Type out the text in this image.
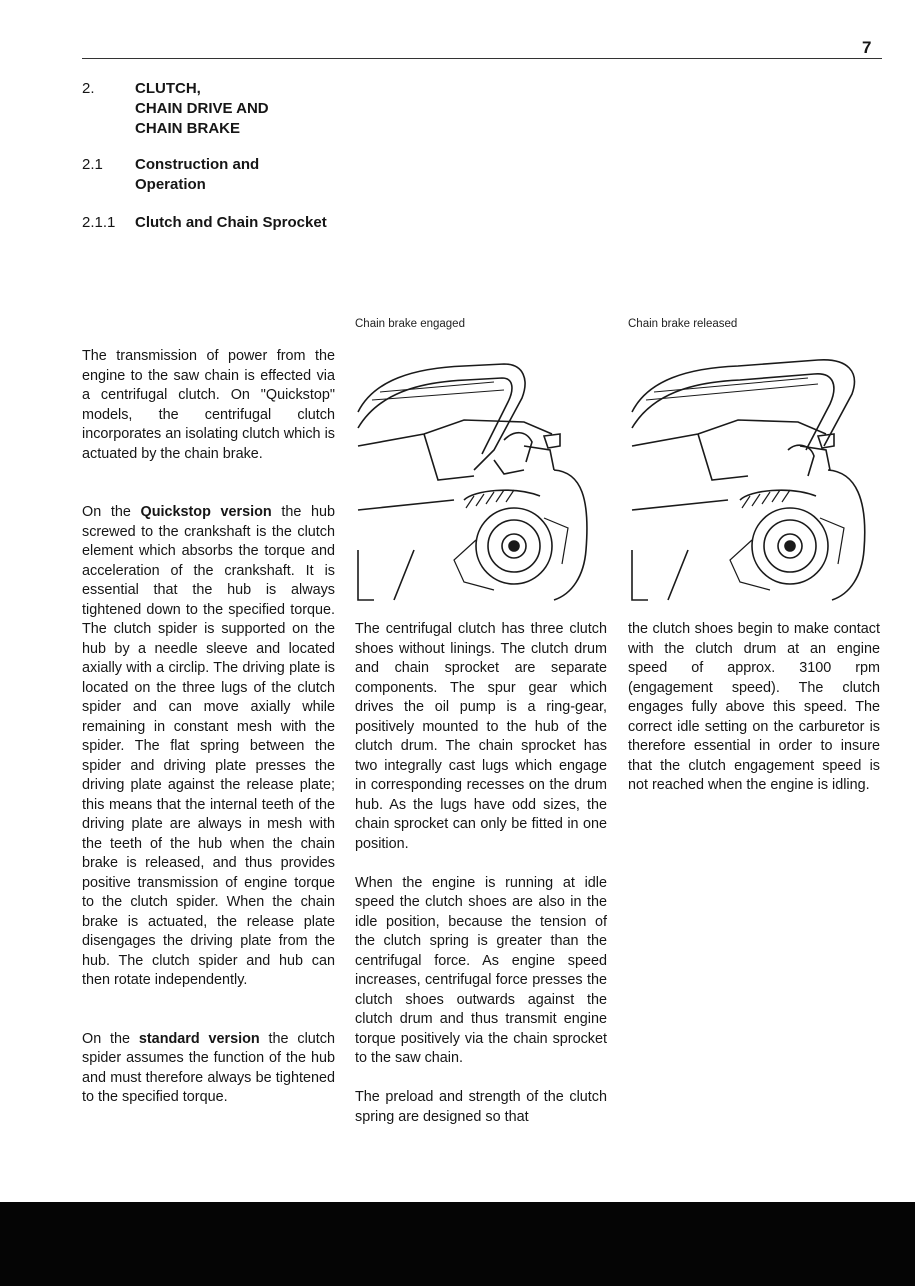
7
2.	CLUTCH,
CHAIN DRIVE AND
CHAIN BRAKE
2.1 Construction and
Operation
2.1.1 Clutch and Chain Sprocket
Chain brake engaged	Chain brake released

The transmission of power from the engine to the saw chain is effected via a centrifugal clutch. On "Quickstop" models, the centrifugal clutch incorporates an isolating clutch which is actuated by the chain brake.

On the Quickstop version the hub screwed to the crankshaft is the clutch element which absorbs the torque and acceleration of the crankshaft. It is essential that the hub is always tightened down to the specified torque. The clutch spider is supported on the hub by a needle sleeve and located axially with a circlip. The driving plate is located on the three lugs of the clutch spider and can move axially while remaining in constant mesh with the spider. The flat spring between the spider and driving plate presses the driving plate against the release plate; this means that the internal teeth of the driving plate are always in mesh with the teeth of the hub when the chain brake is released, and thus provides positive transmission of engine torque to the clutch spider. When the chain brake is actuated, the release plate disengages the driving plate from the hub. The clutch spider and hub can then rotate independently.

On the standard version the clutch spider assumes the function of the hub and must therefore always be tightened to the specified torque.

The centrifugal clutch has three clutch shoes without linings. The clutch drum and chain sprocket are separate components. The spur gear which drives the oil pump is a ring-gear, positively mounted to the hub of the clutch drum. The chain sprocket has two integrally cast lugs which engage in corresponding recesses on the drum hub. As the lugs have odd sizes, the chain sprocket can only be fitted in one position.

When the engine is running at idle speed the clutch shoes are also in the idle position, because the tension of the clutch spring is greater than the centrifugal force. As engine speed increases, centrifugal force presses the clutch shoes outwards against the clutch drum and thus transmit engine torque positively via the chain sprocket to the saw chain.

The preload and strength of the clutch spring are designed so that

the clutch shoes begin to make contact with the clutch drum at an engine speed of approx. 3100 rpm (engagement speed). The clutch engages fully above this speed. The correct idle setting on the carburetor is therefore essential in order to insure that the clutch engagement speed is not reached when the engine is idling.
